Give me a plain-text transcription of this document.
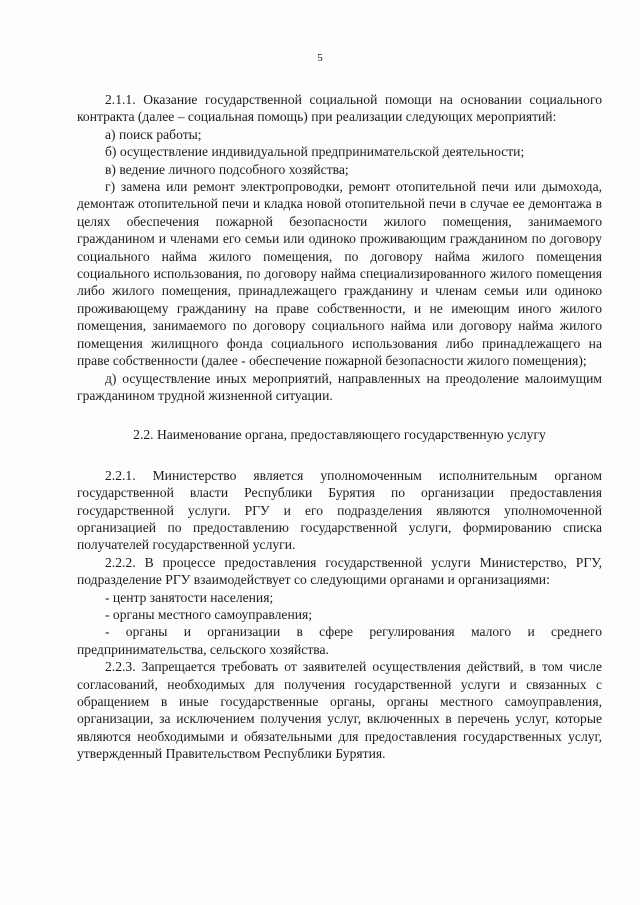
5

2.1.1. Оказание государственной социальной помощи на основании социального контракта (далее – социальная помощь) при реализации следующих мероприятий:

а) поиск работы;

б) осуществление индивидуальной предпринимательской деятельности;

в) ведение личного подсобного хозяйства;

г) замена или ремонт электропроводки, ремонт отопительной печи или дымохода, демонтаж отопительной печи и кладка новой отопительной печи в случае ее демонтажа в целях обеспечения пожарной безопасности жилого помещения, занимаемого гражданином и членами его семьи или одиноко проживающим гражданином по договору социального найма жилого помещения, по договору найма жилого помещения социального использования, по договору найма специализированного жилого помещения либо жилого помещения, принадлежащего гражданину и членам семьи или одиноко проживающему гражданину на праве собственности, и не имеющим иного жилого помещения, занимаемого по договору социального найма или договору найма жилого помещения жилищного фонда социального использования либо принадлежащего на праве собственности (далее - обеспечение пожарной безопасности жилого помещения);

д) осуществление иных мероприятий, направленных на преодоление малоимущим гражданином трудной жизненной ситуации.

2.2. Наименование органа, предоставляющего государственную услугу

2.2.1. Министерство является уполномоченным исполнительным органом государственной власти Республики Бурятия по организации предоставления государственной услуги. РГУ и его подразделения являются уполномоченной организацией по предоставлению государственной услуги, формированию списка получателей государственной услуги.

2.2.2. В процессе предоставления государственной услуги Министерство, РГУ, подразделение РГУ взаимодействует со следующими органами и организациями:

- центр занятости населения;

- органы местного самоуправления;

- органы и организации в сфере регулирования малого и среднего предпринимательства, сельского хозяйства.

2.2.3. Запрещается требовать от заявителей осуществления действий, в том числе согласований, необходимых для получения государственной услуги и связанных с обращением в иные государственные органы, органы местного самоуправления, организации, за исключением получения услуг, включенных в перечень услуг, которые являются необходимыми и обязательными для предоставления государственных услуг, утвержденный Правительством Республики Бурятия.
